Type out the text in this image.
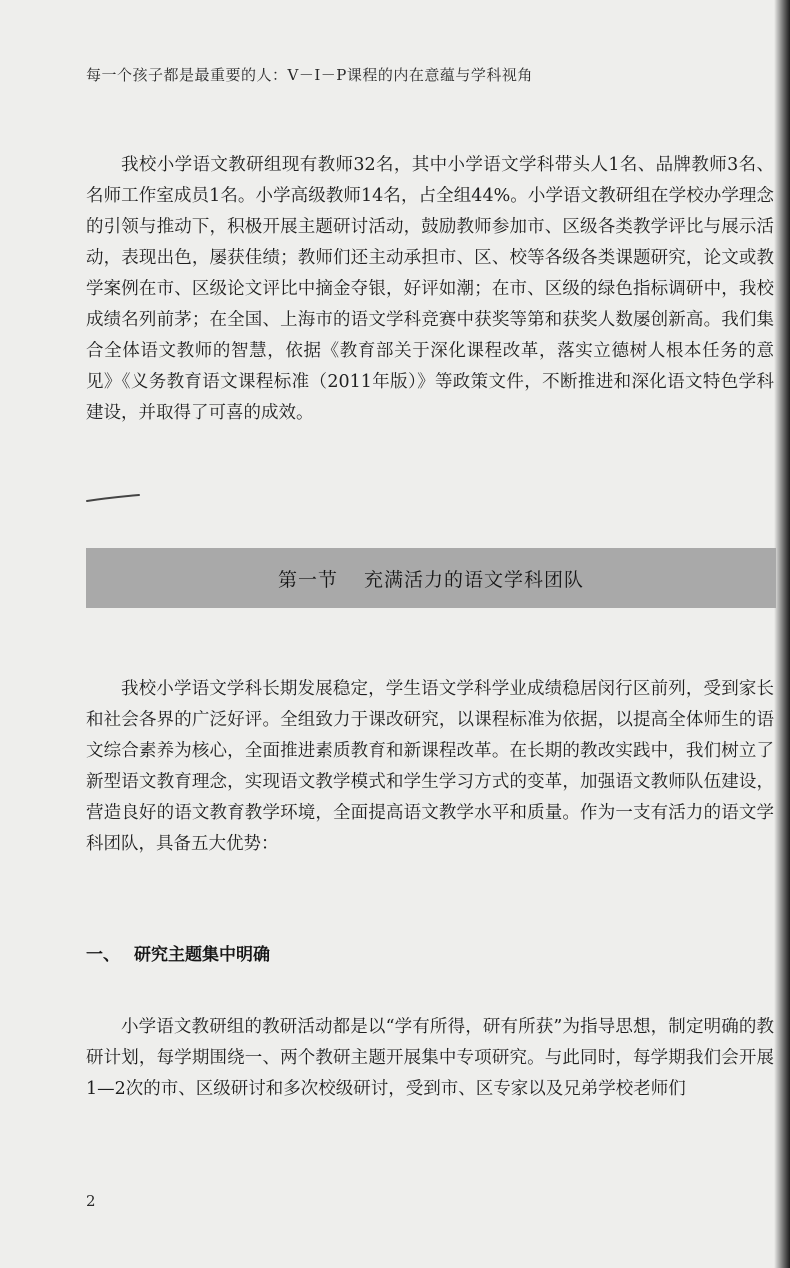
每一个孩子都是最重要的人：V－I－P课程的内在意蕴与学科视角

我校小学语文教研组现有教师32名，其中小学语文学科带头人1名、品牌教师3名、名师工作室成员1名。小学高级教师14名，占全组44%。小学语文教研组在学校办学理念的引领与推动下，积极开展主题研讨活动，鼓励教师参加市、区级各类教学评比与展示活动，表现出色，屡获佳绩；教师们还主动承担市、区、校等各级各类课题研究，论文或教学案例在市、区级论文评比中摘金夺银，好评如潮；在市、区级的绿色指标调研中，我校成绩名列前茅；在全国、上海市的语文学科竞赛中获奖等第和获奖人数屡创新高。我们集合全体语文教师的智慧，依据《教育部关于深化课程改革，落实立德树人根本任务的意见》《义务教育语文课程标准（2011年版）》等政策文件，不断推进和深化语文特色学科建设，并取得了可喜的成效。

第一节 充满活力的语文学科团队

我校小学语文学科长期发展稳定，学生语文学科学业成绩稳居闵行区前列，受到家长和社会各界的广泛好评。全组致力于课改研究，以课程标准为依据，以提高全体师生的语文综合素养为核心，全面推进素质教育和新课程改革。在长期的教改实践中，我们树立了新型语文教育理念，实现语文教学模式和学生学习方式的变革，加强语文教师队伍建设，营造良好的语文教育教学环境，全面提高语文教学水平和质量。作为一支有活力的语文学科团队，具备五大优势：

一、 研究主题集中明确

小学语文教研组的教研活动都是以“学有所得，研有所获”为指导思想，制定明确的教研计划，每学期围绕一、两个教研主题开展集中专项研究。与此同时，每学期我们会开展1—2次的市、区级研讨和多次校级研讨，受到市、区专家以及兄弟学校老师们

2
